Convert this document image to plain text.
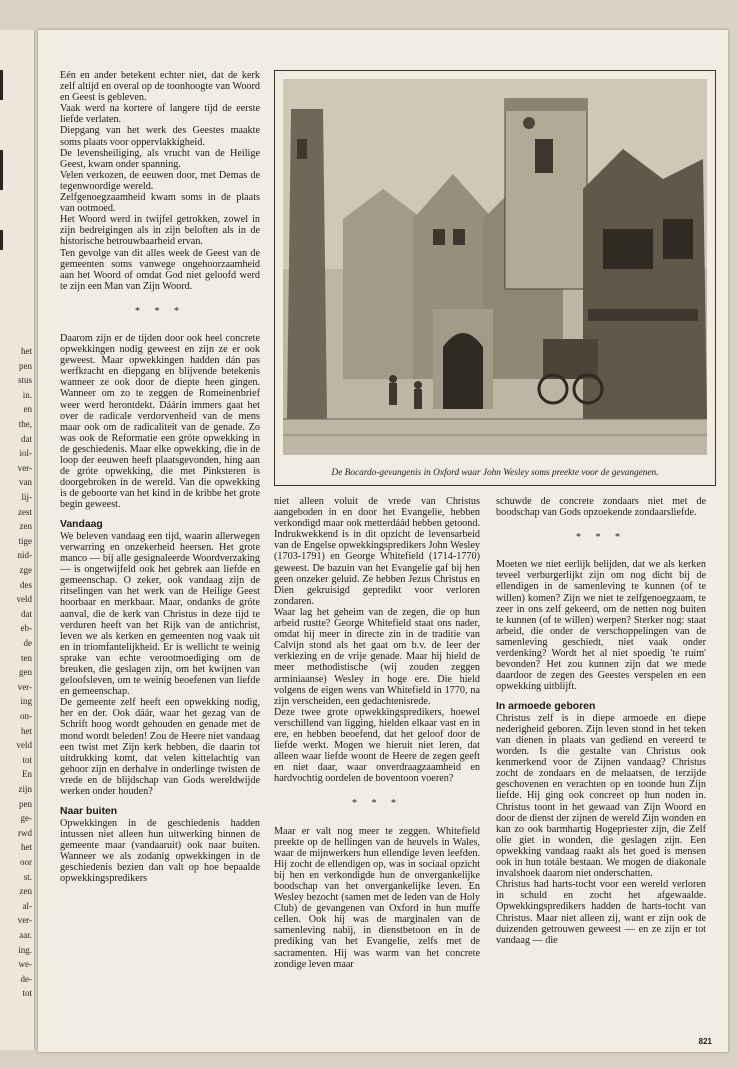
het
pen
stus
in.
en
the,
dat
iol-
ver-
van
lij-
zest
zen
tige
nid-
zge
des
veld
dat
eb-
de
ten
gen
ver-
ing
on-
het
veld
tot
En
zijn
pen
ge-
rwd
het
oor
st.
zen
al-
ver-
aar.
ing.
we-
de-
tot

Eén en ander betekent echter niet, dat de kerk zelf altijd en overal op de toonhoogte van Woord en Geest is gebleven.

Vaak werd na kortere of langere tijd de eerste liefde verlaten.

Diepgang van het werk des Geestes maakte soms plaats voor oppervlakkigheid.

De levensheiliging, als vrucht van de Heilige Geest, kwam onder spanning.

Velen verkozen, de eeuwen door, met Demas de tegenwoordige wereld.

Zelfgenoegzaamheid kwam soms in de plaats van ootmoed.

Het Woord werd in twijfel getrokken, zowel in zijn bedreigingen als in zijn beloften als in de historische betrouwbaarheid ervan.

Ten gevolge van dit alles week de Geest van de gemeenten soms vanwege ongehoorzaamheid aan het Woord of omdat God niet geloofd werd te zijn een Man van Zijn Woord.

* * *

Daarom zijn er de tijden door ook heel concrete opwekkingen nodig geweest en zijn ze er ook geweest. Maar opwekkingen hadden dán pas werfkracht en diepgang en blijvende betekenis wanneer ze ook door de diepte heen gingen. Wanneer om zo te zeggen de Romeinenbrief weer werd herontdekt. Dáárin immers gaat het over de radicale verdorvenheid van de mens maar ook om de radicaliteit van de genade. Zo was ook de Reformatie een gróte opwekking in de geschiedenis. Maar elke opwekking, die in de loop der eeuwen heeft plaatsgevonden, hing aan de gróte opwekking, die met Pinksteren is doorgebroken in de wereld. Van die opwekking is de geboorte van het kind in de kribbe het grote begin geweest.

Vandaag

We beleven vandaag een tijd, waarin allerwegen verwarring en onzekerheid heersen. Het grote manco — bij alle gesignaleerde Woordverzaking — is ongetwijfeld ook het gebrek aan liefde en gemeenschap. O zeker, ook vandaag zijn de ritselingen van het werk van de Heilige Geest hoorbaar en merkbaar. Maar, ondanks de gróte aanval, die de kerk van Christus in deze tijd te verduren heeft van het Rijk van de antichrist, leven we als kerken en gemeenten nog vaak uit en in triomfantelijkheid. Er is wellicht te weinig sprake van echte verootmoediging om de breuken, die geslagen zijn, om het kwijnen van geloofsleven, om te weinig beoefenen van liefde en gemeenschap.

De gemeente zelf heeft een opwekking nodig, her en der. Ook dáár, waar het gezag van de Schrift hoog wordt gehouden en genade met de mond wordt beleden! Zou de Heere niet vandaag een twist met Zijn kerk hebben, die daarin tot uitdrukking komt, dat velen kittelachtig van gehoor zijn en derhalve in onderlinge twisten de vrede en de blijdschap van Gods wereldwijde werken onder houden?

Naar buiten

Opwekkingen in de geschiedenis hadden intussen niet alleen hun uitwerking binnen de gemeente maar (vandaaruit) ook naar buiten. Wanneer we als zodanig opwekkingen in de geschiedenis bezien dan valt op hoe bepaalde opwekkingspredikers

De Bocardo-gevangenis in Oxford waar John Wesley soms preekte voor de gevangenen.

niet alleen voluit de vrede van Christus aangeboden in en door het Evangelie, hebben verkondigd maar ook metterdáád hebben getoond. Indrukwekkend is in dit opzicht de levensarbeid van de Engelse opwekkingspredikers John Wesley (1703-1791) en George Whitefield (1714-1770) geweest. De bazuin van het Evangelie gaf bij hen geen onzeker geluid. Ze hebben Jezus Christus en Dien gekruisigd gepredikt voor verloren zondaren.

Waar lag het geheim van de zegen, die op hun arbeid rustte? George Whitefield staat ons nader, omdat hij meer in directe zin in de traditie van Calvijn stond als het gaat om b.v. de leer der verkiezing en de vrije genade. Maar hij hield de meer methodistische (wij zouden zeggen arminiaanse) Wesley in hoge ere. Die hield volgens de eigen wens van Whitefield in 1770, na zijn verscheiden, een gedachtenisrede.

Deze twee grote opwekkingspredikers, hoewel verschillend van ligging, hielden elkaar vast en in ere, en hebben beoefend, dat het geloof door de liefde werkt. Mogen we hieruit niet leren, dat alleen waar liefde woont de Heere de zegen geeft en niet daar, waar onverdraagzaamheid en hardvochtig oordelen de boventoon voeren?

* * *

Maar er valt nog meer te zeggen. Whitefield preekte op de hellingen van de heuvels in Wales, waar de mijnwerkers hun ellendige leven leefden. Hij zocht de ellendigen op, was in sociaal opzicht bij hen en verkondigde hun de onvergankelijke boodschap van het onvergankelijke leven. En Wesley bezocht (samen met de leden van de Holy Club) de gevangenen van Oxford in hun muffe cellen. Ook hij was de marginalen van de samenleving nabij, in dienstbetoon en in de prediking van het Evangelie, zelfs met de sacramenten. Hij was warm van het concrete zondige leven maar

schuwde de concrete zondaars niet met de boodschap van Gods opzoekende zondaarsliefde.

* * *

Moeten we niet eerlijk belijden, dat we als kerken teveel verburgerlijkt zijn om nog dicht bij de ellendigen in de samenleving te kunnen (of te willen) komen? Zijn we niet te zelfgenoegzaam, te zeer in ons zelf gekeerd, om de netten nog buiten te kunnen (of te willen) werpen? Sterker nog: staat arbeid, die onder de verschoppelingen van de samenleving geschiedt, niet vaak onder verdenking? Wordt het al niet spoedig 'te ruim' bevonden? Het zou kunnen zijn dat we mede daardoor de zegen des Geestes verspelen en een opwekking uitblijft.

In armoede geboren

Christus zelf is in diepe armoede en diepe nederigheid geboren. Zijn leven stond in het teken van dienen in plaats van gediend en vereerd te worden. Is die gestalte van Christus ook kenmerkend voor de Zijnen vandaag? Christus zocht de zondaars en de melaatsen, de terzijde geschovenen en verachten op en toonde hun Zijn liefde. Hij ging ook concreet op hun noden in. Christus toont in het gewaad van Zijn Woord en door de dienst der zijnen de wereld Zijn wonden en kan zo ook barmhartig Hogepriester zijn, die Zelf olie giet in wonden, die geslagen zijn. Een opwekking vandaag raakt als het goed is mensen ook in hun totále bestaan. We mogen de diakonale invalshoek daarom niet onderschatten.

Christus had harts-tocht voor een wereld verloren in schuld en zocht het afgewaalde. Opwekkingspredikers hadden de harts-tocht van Christus. Maar niet alleen zij, want er zijn ook de duizenden getrouwen geweest — en ze zijn er tot vandaag — die

821
